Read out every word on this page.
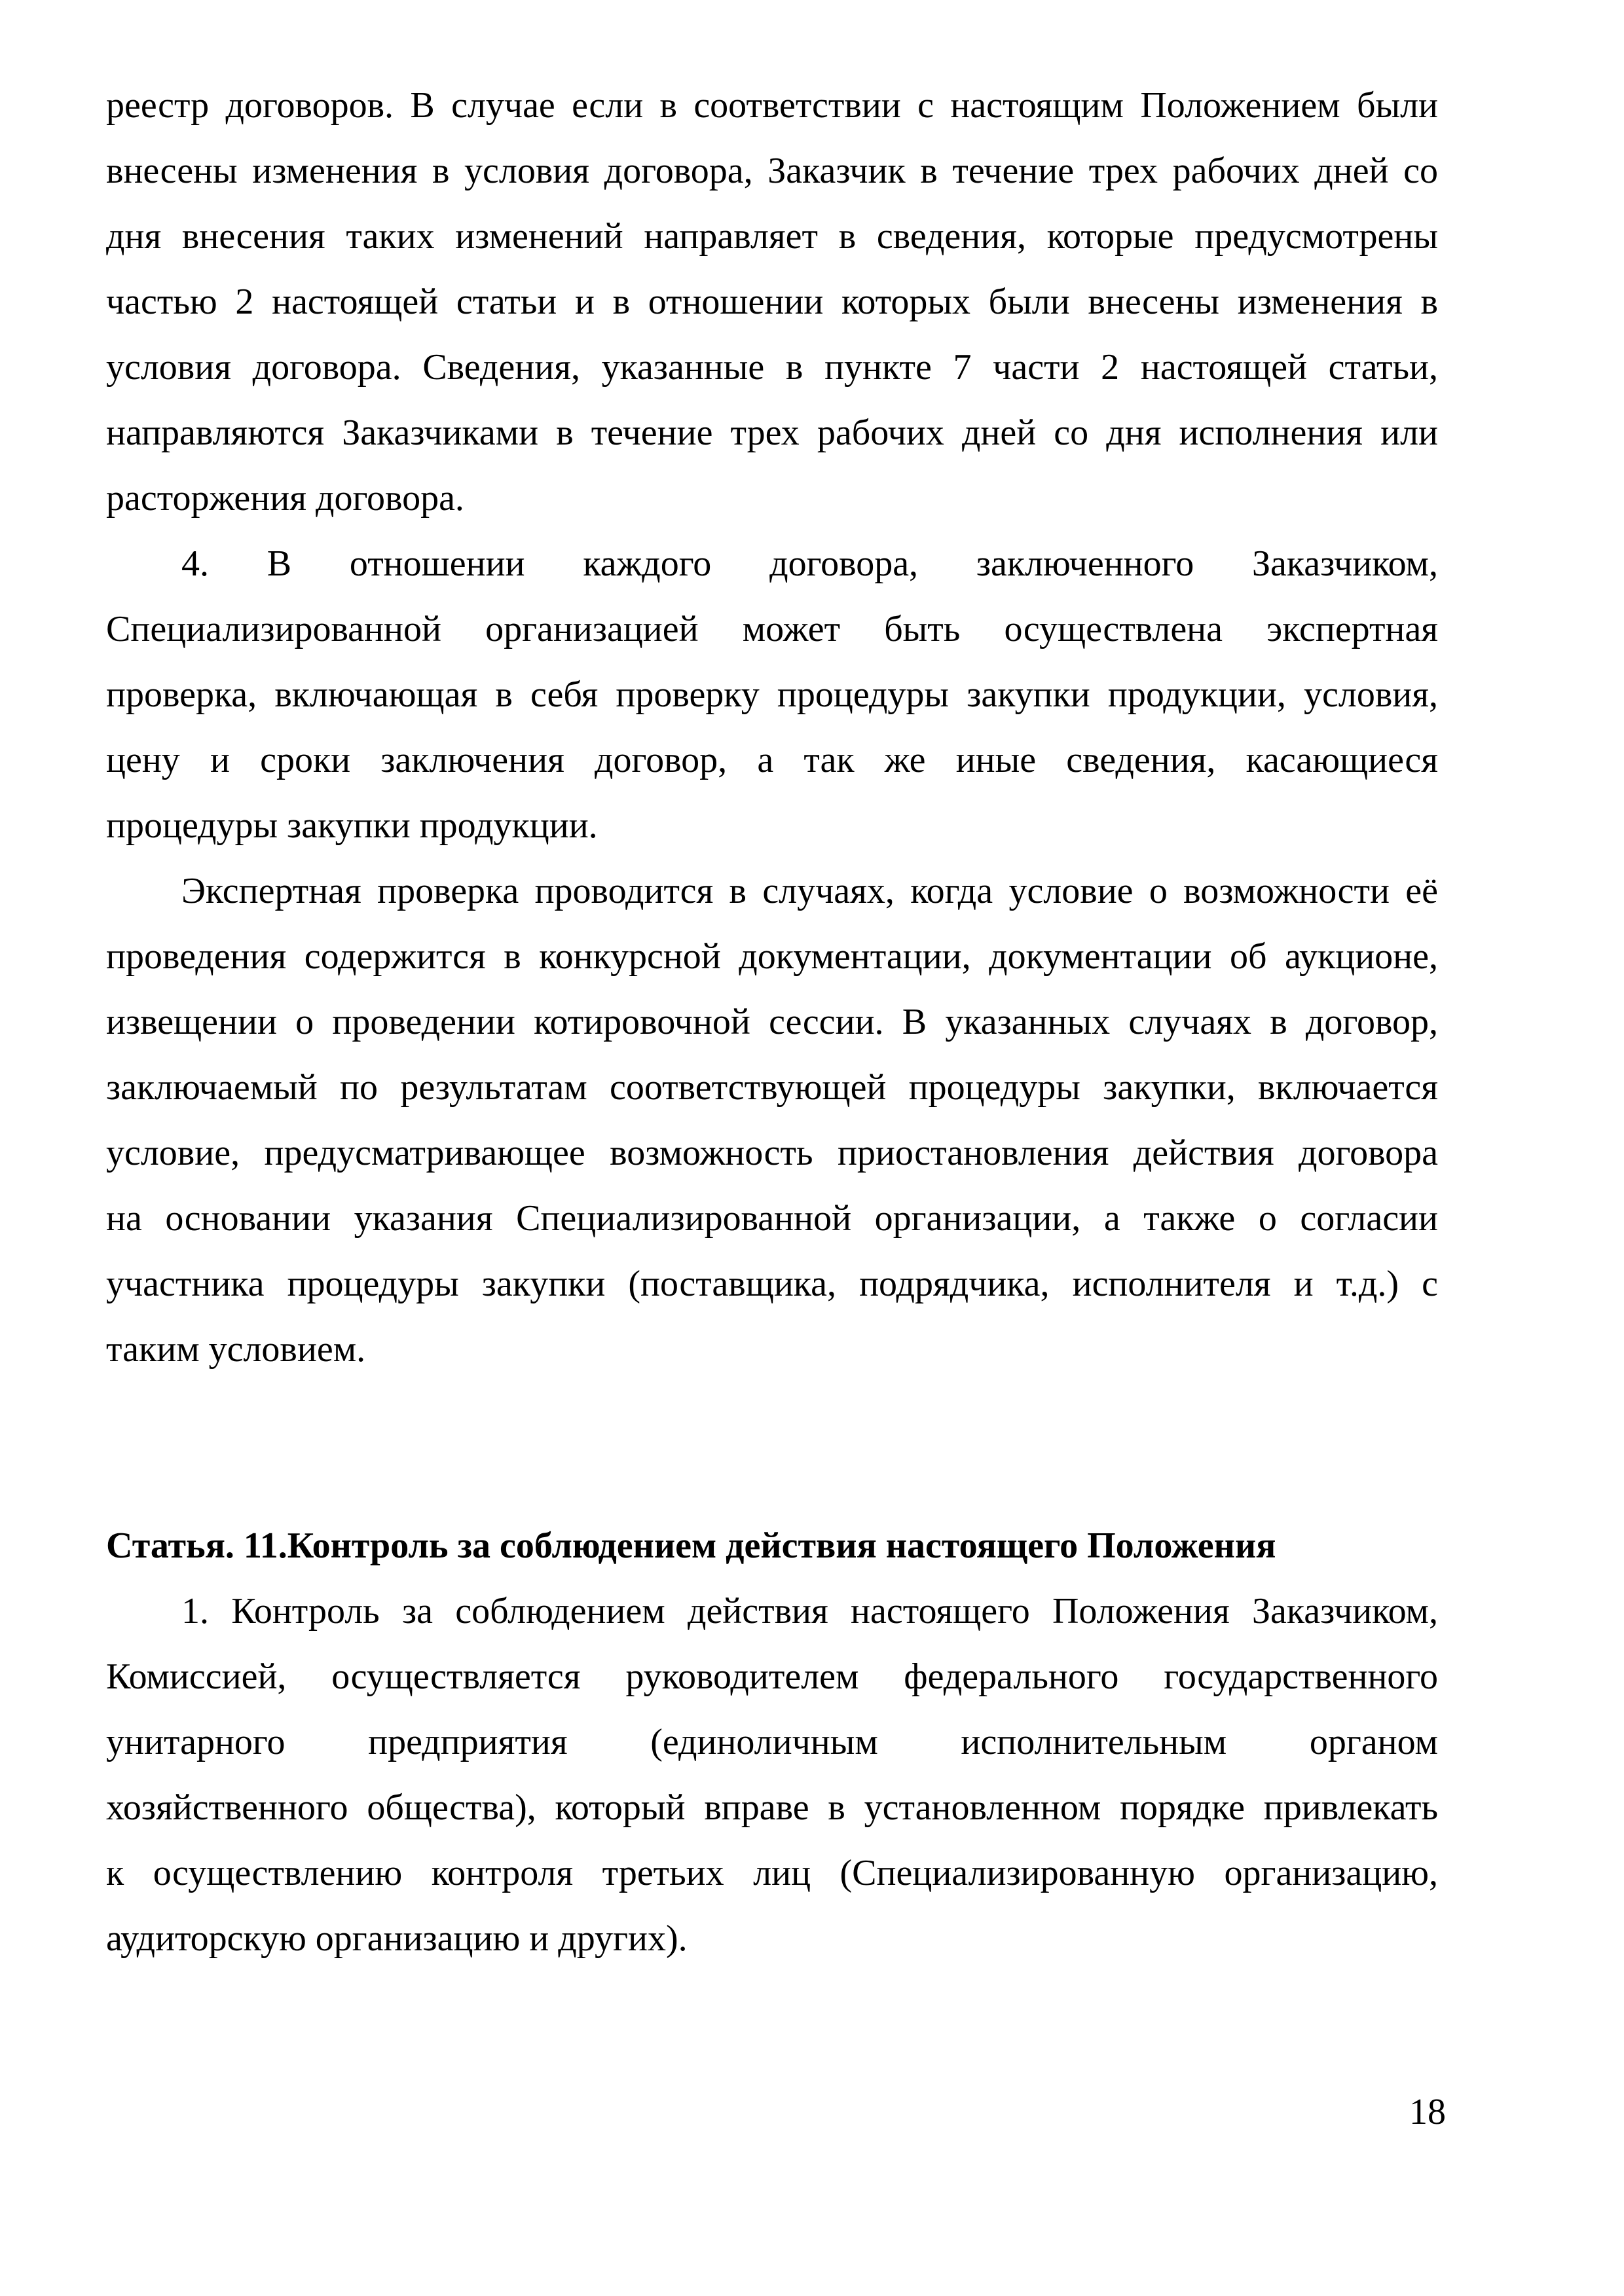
реестр договоров. В случае если в соответствии с настоящим Положением были
внесены изменения в условия договора, Заказчик в течение трех рабочих дней со
дня внесения таких изменений направляет в сведения, которые предусмотрены
частью 2 настоящей статьи и в отношении которых были внесены изменения в
условия договора. Сведения, указанные в пункте 7 части 2 настоящей статьи,
направляются Заказчиками в течение трех рабочих дней со дня исполнения или
расторжения договора.
4. В отношении каждого договора, заключенного Заказчиком,
Специализированной организацией может быть осуществлена экспертная
проверка, включающая в себя проверку процедуры закупки продукции, условия,
цену и сроки заключения договор, а так же иные сведения, касающиеся
процедуры закупки продукции.
Экспертная проверка проводится в случаях, когда условие о возможности её
проведения содержится в конкурсной документации, документации об аукционе,
извещении о проведении котировочной сессии. В указанных случаях в договор,
заключаемый по результатам соответствующей процедуры закупки, включается
условие, предусматривающее возможность приостановления действия договора
на основании указания Специализированной организации, а также о согласии
участника процедуры закупки (поставщика, подрядчика, исполнителя и т.д.) с
таким условием.
Статья. 11.Контроль за соблюдением действия настоящего Положения
1. Контроль за соблюдением действия настоящего Положения Заказчиком,
Комиссией, осуществляется руководителем федерального государственного
унитарного предприятия (единоличным исполнительным органом
хозяйственного общества), который вправе в установленном порядке привлекать
к осуществлению контроля третьих лиц (Специализированную организацию,
аудиторскую организацию и других).
18
